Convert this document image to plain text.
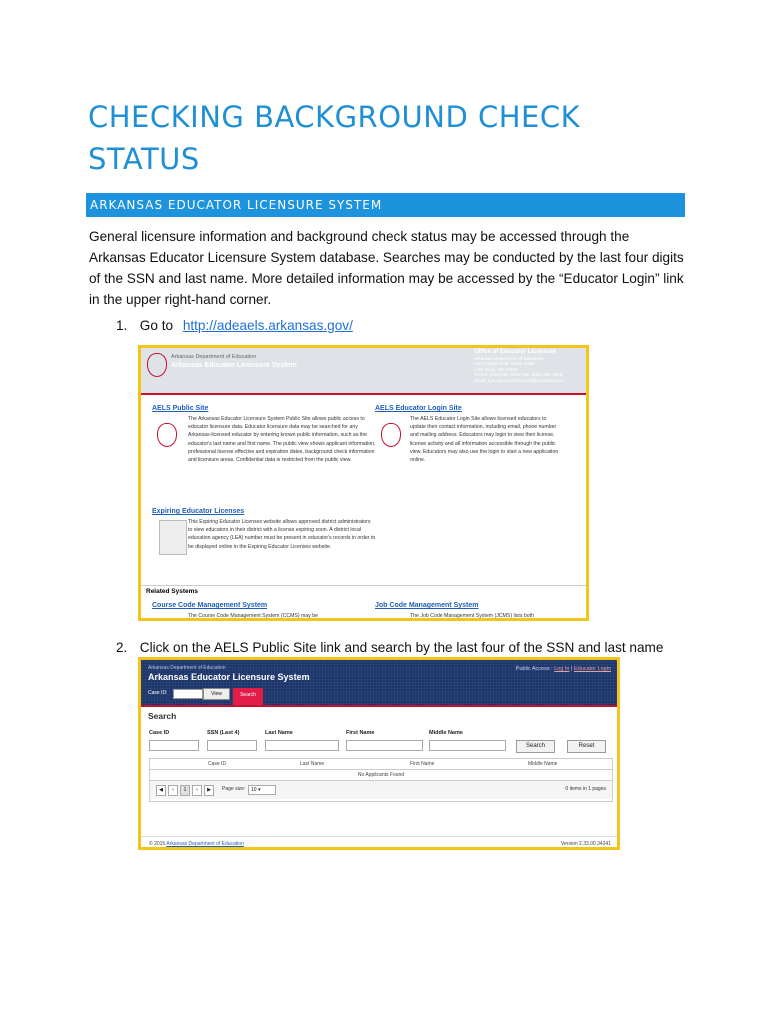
CHECKING BACKGROUND CHECK STATUS
ARKANSAS EDUCATOR LICENSURE SYSTEM

General licensure information and background check status may be accessed through the Arkansas Educator Licensure System database. Searches may be conducted by the last four digits of the SSN and last name. More detailed information may be accessed by the “Educator Login” link in the upper right-hand corner.

1. Go to http://adeaels.arkansas.gov/
Arkansas Department of Education
Arkansas Educator Licensure System
Office of Educator Licensure
Arkansas Department of Education
Four Capitol Mall, Room 106B
Little Rock, AR 72201
Phone: (501) 682-4342 Fax: (501) 682-4898
Email: ade.educatorlicensure@arkansas.gov
AELS Public Site
The Arkansas Educator Licensure System Public Site allows public access to educator licensure data. Educator licensure data may be searched for any Arkansas-licensed educator by entering known public information, such as the educator's last name and first name. The public view shows applicant information, professional license effective and expiration dates, background check information and licensure areas. Confidential data is restricted from the public view.
AELS Educator Login Site
The AELS Educator Login Site allows licensed educators to update their contact information, including email, phone number and mailing address. Educators may login to view their license, license activity and all information accessible through the public view. Educators may also use the login to start a new application online.
Expiring Educator Licenses
This Expiring Educator Licenses website allows approved district administrators to view educators in their district with a license expiring soon. A district local education agency (LEA) number must be present in educator's records in order to be displayed online in the Expiring Educator Licenses website.
Related Systems
Course Code Management System
The Course Code Management System (CCMS) may be
Job Code Management System
The Job Code Management System (JCMS) lists both
2. Click on the AELS Public Site link and search by the last four of the SSN and last name
Arkansas Department of Education
Arkansas Educator Licensure System
Public Access : Log In | Educator Login
Case ID:	View	Search
Search
Case ID	SSN (Last 4)	Last Name	First Name	Middle Name
Search	Reset
Case ID	Last Name	First Name	Middle Name
No Applicants Found
◀	‹	1	›	▶	Page size:	10 ▾	0 items in 1 pages
© 2015 Arkansas Department of Education	Version 2.33.00.34241
